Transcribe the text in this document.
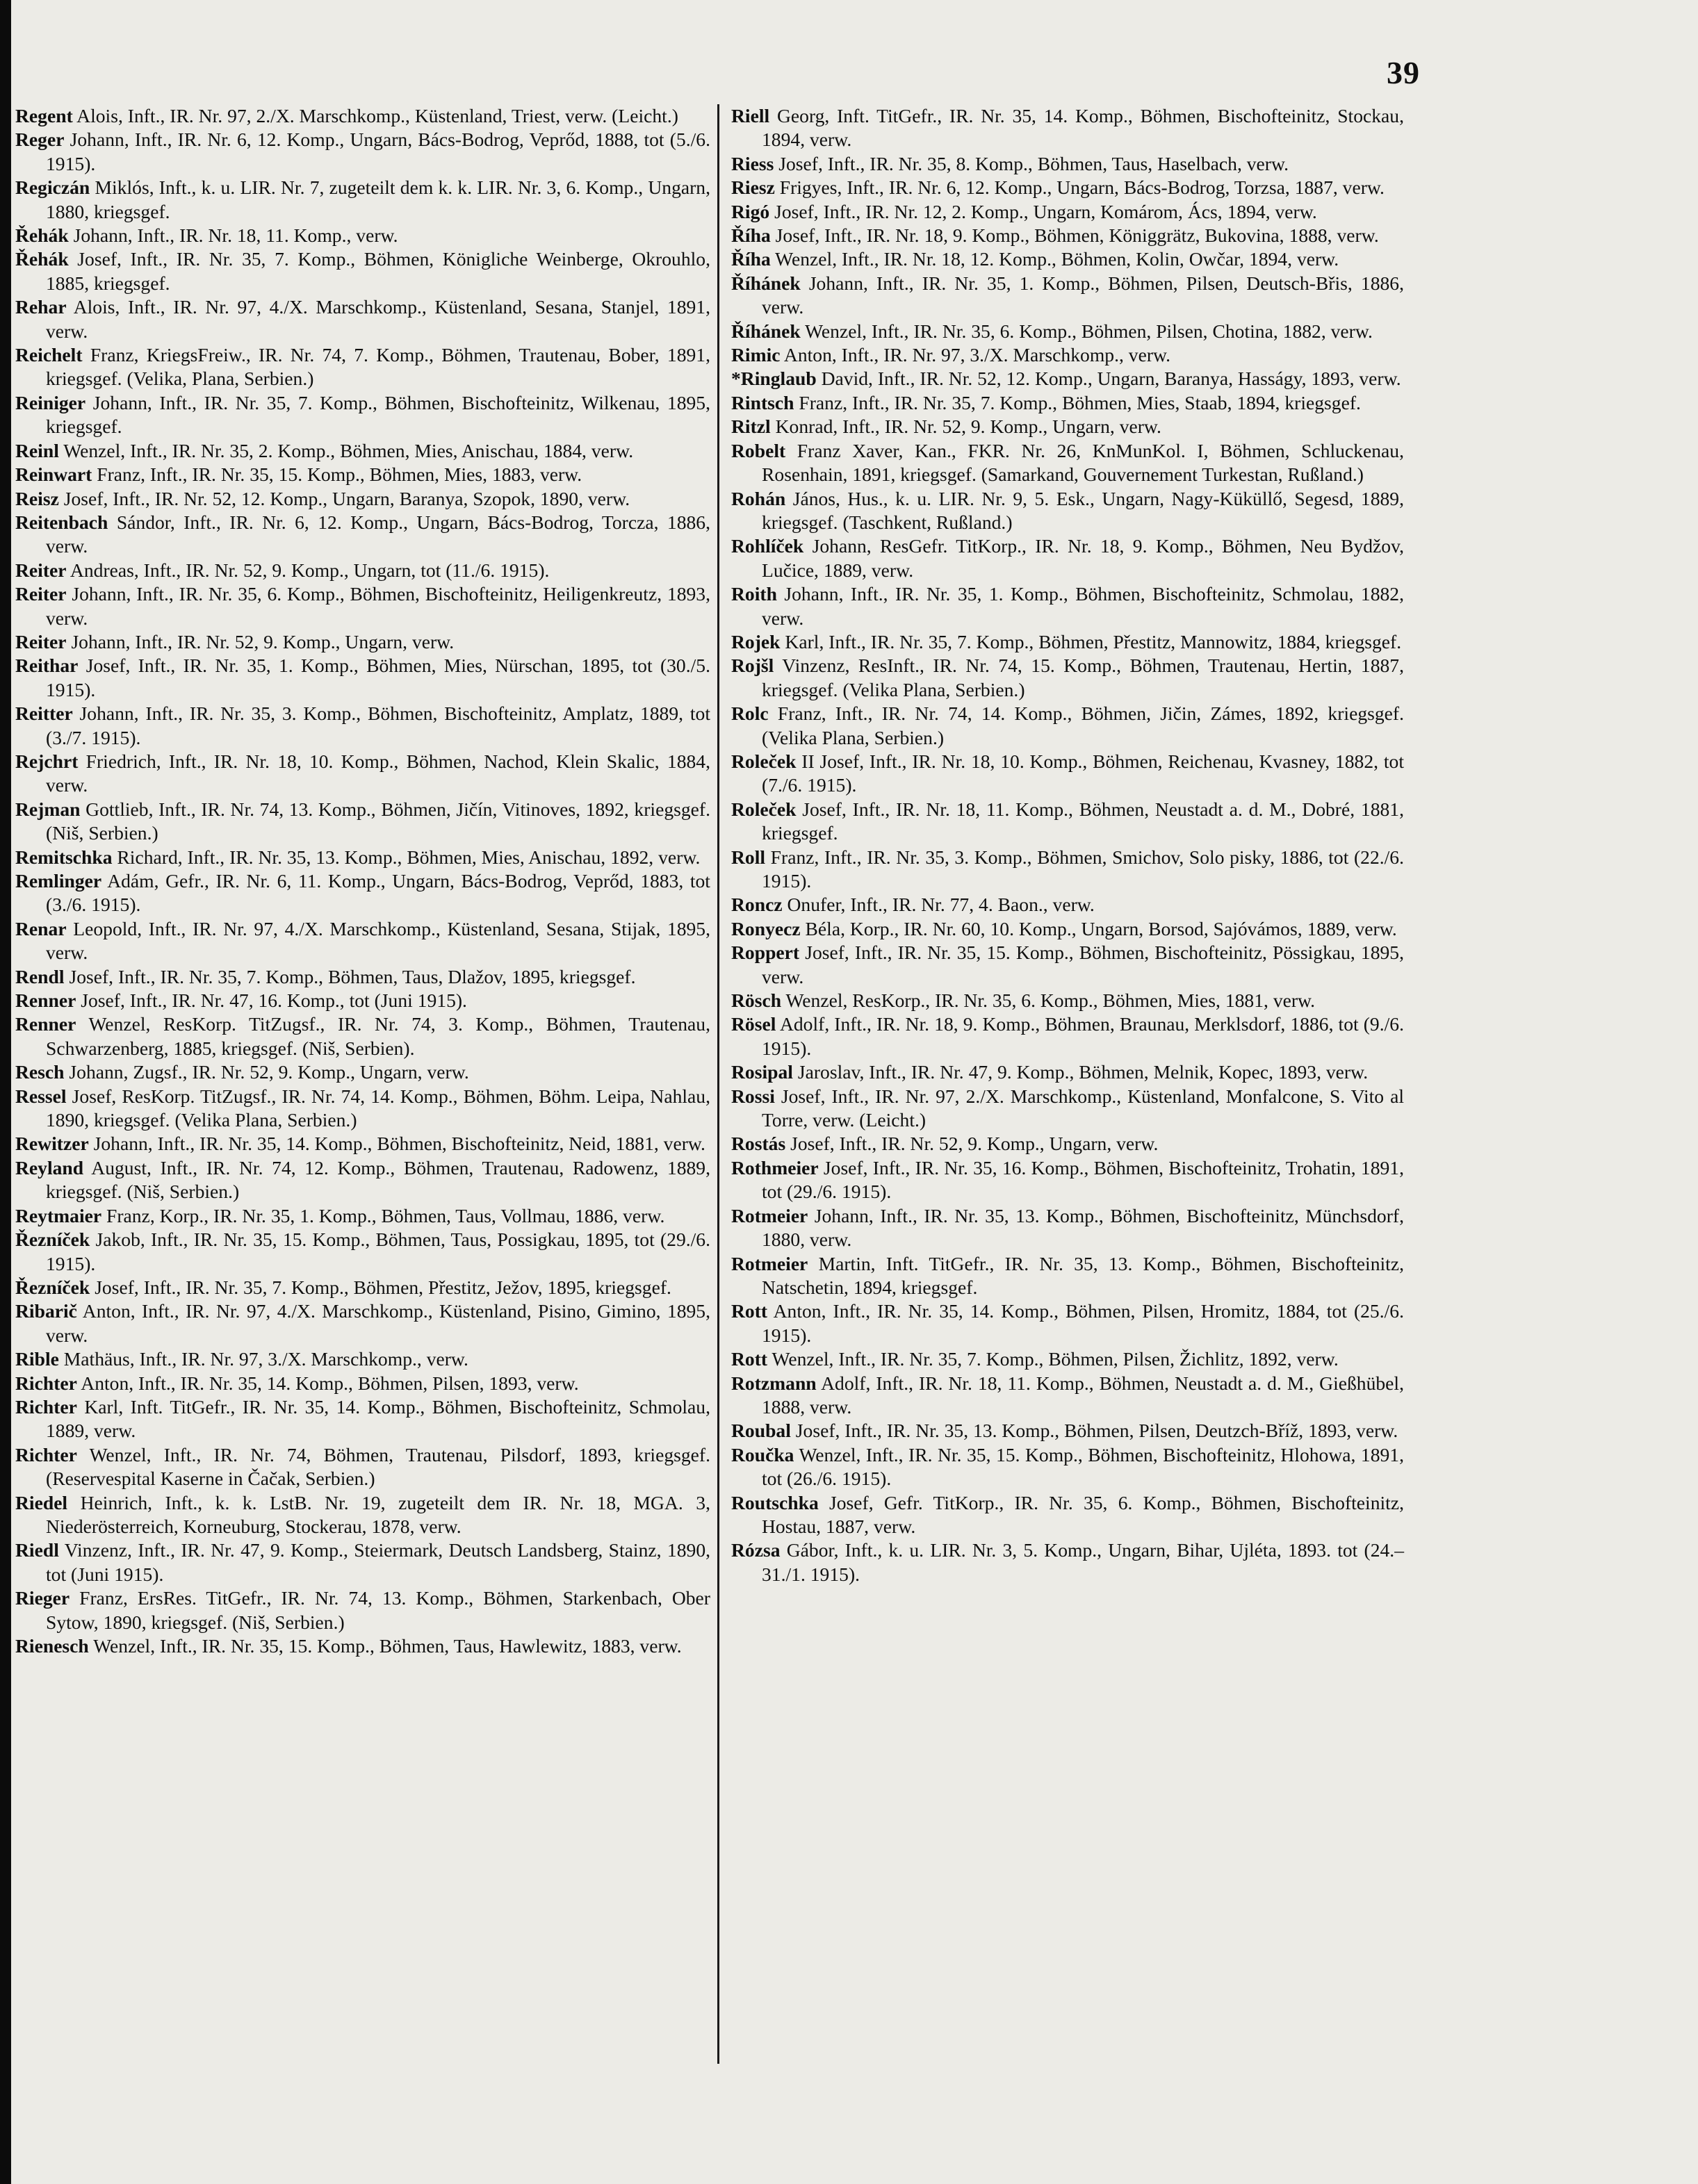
39
Regent Alois, Inft., IR. Nr. 97, 2./X. Marschkomp., Küstenland, Triest, verw. (Leicht.)
Reger Johann, Inft., IR. Nr. 6, 12. Komp., Ungarn, Bács-Bodrog, Veprőd, 1888, tot (5./6. 1915).
Regiczán Miklós, Inft., k. u. LIR. Nr. 7, zugeteilt dem k. k. LIR. Nr. 3, 6. Komp., Ungarn, 1880, kriegsgef.
Řehák Johann, Inft., IR. Nr. 18, 11. Komp., verw.
Řehák Josef, Inft., IR. Nr. 35, 7. Komp., Böhmen, Königliche Weinberge, Okrouhlo, 1885, kriegsgef.
Rehar Alois, Inft., IR. Nr. 97, 4./X. Marschkomp., Küstenland, Sesana, Stanjel, 1891, verw.
Reichelt Franz, KriegsFreiw., IR. Nr. 74, 7. Komp., Böhmen, Trautenau, Bober, 1891, kriegsgef. (Velika, Plana, Serbien.)
Reiniger Johann, Inft., IR. Nr. 35, 7. Komp., Böhmen, Bischofteinitz, Wilkenau, 1895, kriegsgef.
Reinl Wenzel, Inft., IR. Nr. 35, 2. Komp., Böhmen, Mies, Anischau, 1884, verw.
Reinwart Franz, Inft., IR. Nr. 35, 15. Komp., Böhmen, Mies, 1883, verw.
Reisz Josef, Inft., IR. Nr. 52, 12. Komp., Ungarn, Baranya, Szopok, 1890, verw.
Reitenbach Sándor, Inft., IR. Nr. 6, 12. Komp., Ungarn, Bács-Bodrog, Torcza, 1886, verw.
Reiter Andreas, Inft., IR. Nr. 52, 9. Komp., Ungarn, tot (11./6. 1915).
Reiter Johann, Inft., IR. Nr. 35, 6. Komp., Böhmen, Bischofteinitz, Heiligenkreutz, 1893, verw.
Reiter Johann, Inft., IR. Nr. 52, 9. Komp., Ungarn, verw.
Reithar Josef, Inft., IR. Nr. 35, 1. Komp., Böhmen, Mies, Nürschan, 1895, tot (30./5. 1915).
Reitter Johann, Inft., IR. Nr. 35, 3. Komp., Böhmen, Bischofteinitz, Amplatz, 1889, tot (3./7. 1915).
Rejchrt Friedrich, Inft., IR. Nr. 18, 10. Komp., Böhmen, Nachod, Klein Skalic, 1884, verw.
Rejman Gottlieb, Inft., IR. Nr. 74, 13. Komp., Böhmen, Jičín, Vitinoves, 1892, kriegsgef. (Niš, Serbien.)
Remitschka Richard, Inft., IR. Nr. 35, 13. Komp., Böhmen, Mies, Anischau, 1892, verw.
Remlinger Adám, Gefr., IR. Nr. 6, 11. Komp., Ungarn, Bács-Bodrog, Veprőd, 1883, tot (3./6. 1915).
Renar Leopold, Inft., IR. Nr. 97, 4./X. Marschkomp., Küstenland, Sesana, Stijak, 1895, verw.
Rendl Josef, Inft., IR. Nr. 35, 7. Komp., Böhmen, Taus, Dlažov, 1895, kriegsgef.
Renner Josef, Inft., IR. Nr. 47, 16. Komp., tot (Juni 1915).
Renner Wenzel, ResKorp. TitZugsf., IR. Nr. 74, 3. Komp., Böhmen, Trautenau, Schwarzenberg, 1885, kriegsgef. (Niš, Serbien).
Resch Johann, Zugsf., IR. Nr. 52, 9. Komp., Ungarn, verw.
Ressel Josef, ResKorp. TitZugsf., IR. Nr. 74, 14. Komp., Böhmen, Böhm. Leipa, Nahlau, 1890, kriegsgef. (Velika Plana, Serbien.)
Rewitzer Johann, Inft., IR. Nr. 35, 14. Komp., Böhmen, Bischofteinitz, Neid, 1881, verw.
Reyland August, Inft., IR. Nr. 74, 12. Komp., Böhmen, Trautenau, Radowenz, 1889, kriegsgef. (Niš, Serbien.)
Reytmaier Franz, Korp., IR. Nr. 35, 1. Komp., Böhmen, Taus, Vollmau, 1886, verw.
Řezníček Jakob, Inft., IR. Nr. 35, 15. Komp., Böhmen, Taus, Possigkau, 1895, tot (29./6. 1915).
Řezníček Josef, Inft., IR. Nr. 35, 7. Komp., Böhmen, Přestitz, Ježov, 1895, kriegsgef.
Ribarič Anton, Inft., IR. Nr. 97, 4./X. Marschkomp., Küstenland, Pisino, Gimino, 1895, verw.
Rible Mathäus, Inft., IR. Nr. 97, 3./X. Marschkomp., verw.
Richter Anton, Inft., IR. Nr. 35, 14. Komp., Böhmen, Pilsen, 1893, verw.
Richter Karl, Inft. TitGefr., IR. Nr. 35, 14. Komp., Böhmen, Bischofteinitz, Schmolau, 1889, verw.
Richter Wenzel, Inft., IR. Nr. 74, Böhmen, Trautenau, Pilsdorf, 1893, kriegsgef. (Reservespital Kaserne in Čačak, Serbien.)
Riedel Heinrich, Inft., k. k. LstB. Nr. 19, zugeteilt dem IR. Nr. 18, MGA. 3, Niederösterreich, Korneuburg, Stockerau, 1878, verw.
Riedl Vinzenz, Inft., IR. Nr. 47, 9. Komp., Steiermark, Deutsch Landsberg, Stainz, 1890, tot (Juni 1915).
Rieger Franz, ErsRes. TitGefr., IR. Nr. 74, 13. Komp., Böhmen, Starkenbach, Ober Sytow, 1890, kriegsgef. (Niš, Serbien.)
Rienesch Wenzel, Inft., IR. Nr. 35, 15. Komp., Böhmen, Taus, Hawlewitz, 1883, verw.
Riell Georg, Inft. TitGefr., IR. Nr. 35, 14. Komp., Böhmen, Bischofteinitz, Stockau, 1894, verw.
Riess Josef, Inft., IR. Nr. 35, 8. Komp., Böhmen, Taus, Haselbach, verw.
Riesz Frigyes, Inft., IR. Nr. 6, 12. Komp., Ungarn, Bács-Bodrog, Torzsa, 1887, verw.
Rigó Josef, Inft., IR. Nr. 12, 2. Komp., Ungarn, Komárom, Ács, 1894, verw.
Říha Josef, Inft., IR. Nr. 18, 9. Komp., Böhmen, Königgrätz, Bukovina, 1888, verw.
Říha Wenzel, Inft., IR. Nr. 18, 12. Komp., Böhmen, Kolin, Owčar, 1894, verw.
Říhánek Johann, Inft., IR. Nr. 35, 1. Komp., Böhmen, Pilsen, Deutsch-Břis, 1886, verw.
Říhánek Wenzel, Inft., IR. Nr. 35, 6. Komp., Böhmen, Pilsen, Chotina, 1882, verw.
Rimic Anton, Inft., IR. Nr. 97, 3./X. Marschkomp., verw.
*Ringlaub David, Inft., IR. Nr. 52, 12. Komp., Ungarn, Baranya, Hasságy, 1893, verw.
Rintsch Franz, Inft., IR. Nr. 35, 7. Komp., Böhmen, Mies, Staab, 1894, kriegsgef.
Ritzl Konrad, Inft., IR. Nr. 52, 9. Komp., Ungarn, verw.
Robelt Franz Xaver, Kan., FKR. Nr. 26, KnMunKol. I, Böhmen, Schluckenau, Rosenhain, 1891, kriegsgef. (Samarkand, Gouvernement Turkestan, Rußland.)
Rohán János, Hus., k. u. LIR. Nr. 9, 5. Esk., Ungarn, Nagy-Küküllő, Segesd, 1889, kriegsgef. (Taschkent, Rußland.)
Rohlíček Johann, ResGefr. TitKorp., IR. Nr. 18, 9. Komp., Böhmen, Neu Bydžov, Lučice, 1889, verw.
Roith Johann, Inft., IR. Nr. 35, 1. Komp., Böhmen, Bischofteinitz, Schmolau, 1882, verw.
Rojek Karl, Inft., IR. Nr. 35, 7. Komp., Böhmen, Přestitz, Mannowitz, 1884, kriegsgef.
Rojšl Vinzenz, ResInft., IR. Nr. 74, 15. Komp., Böhmen, Trautenau, Hertin, 1887, kriegsgef. (Velika Plana, Serbien.)
Rolc Franz, Inft., IR. Nr. 74, 14. Komp., Böhmen, Jičin, Zámes, 1892, kriegsgef. (Velika Plana, Serbien.)
Roleček II Josef, Inft., IR. Nr. 18, 10. Komp., Böhmen, Reichenau, Kvasney, 1882, tot (7./6. 1915).
Roleček Josef, Inft., IR. Nr. 18, 11. Komp., Böhmen, Neustadt a. d. M., Dobré, 1881, kriegsgef.
Roll Franz, Inft., IR. Nr. 35, 3. Komp., Böhmen, Smichov, Solo pisky, 1886, tot (22./6. 1915).
Roncz Onufer, Inft., IR. Nr. 77, 4. Baon., verw.
Ronyecz Béla, Korp., IR. Nr. 60, 10. Komp., Ungarn, Borsod, Sajóvámos, 1889, verw.
Roppert Josef, Inft., IR. Nr. 35, 15. Komp., Böhmen, Bischofteinitz, Pössigkau, 1895, verw.
Rösch Wenzel, ResKorp., IR. Nr. 35, 6. Komp., Böhmen, Mies, 1881, verw.
Rösel Adolf, Inft., IR. Nr. 18, 9. Komp., Böhmen, Braunau, Merklsdorf, 1886, tot (9./6. 1915).
Rosipal Jaroslav, Inft., IR. Nr. 47, 9. Komp., Böhmen, Melnik, Kopec, 1893, verw.
Rossi Josef, Inft., IR. Nr. 97, 2./X. Marschkomp., Küstenland, Monfalcone, S. Vito al Torre, verw. (Leicht.)
Rostás Josef, Inft., IR. Nr. 52, 9. Komp., Ungarn, verw.
Rothmeier Josef, Inft., IR. Nr. 35, 16. Komp., Böhmen, Bischofteinitz, Trohatin, 1891, tot (29./6. 1915).
Rotmeier Johann, Inft., IR. Nr. 35, 13. Komp., Böhmen, Bischofteinitz, Münchsdorf, 1880, verw.
Rotmeier Martin, Inft. TitGefr., IR. Nr. 35, 13. Komp., Böhmen, Bischofteinitz, Natschetin, 1894, kriegsgef.
Rott Anton, Inft., IR. Nr. 35, 14. Komp., Böhmen, Pilsen, Hromitz, 1884, tot (25./6. 1915).
Rott Wenzel, Inft., IR. Nr. 35, 7. Komp., Böhmen, Pilsen, Žichlitz, 1892, verw.
Rotzmann Adolf, Inft., IR. Nr. 18, 11. Komp., Böhmen, Neustadt a. d. M., Gießhübel, 1888, verw.
Roubal Josef, Inft., IR. Nr. 35, 13. Komp., Böhmen, Pilsen, Deutzch-Bříž, 1893, verw.
Roučka Wenzel, Inft., IR. Nr. 35, 15. Komp., Böhmen, Bischofteinitz, Hlohowa, 1891, tot (26./6. 1915).
Routschka Josef, Gefr. TitKorp., IR. Nr. 35, 6. Komp., Böhmen, Bischofteinitz, Hostau, 1887, verw.
Rózsa Gábor, Inft., k. u. LIR. Nr. 3, 5. Komp., Ungarn, Bihar, Ujléta, 1893. tot (24.–31./1. 1915).
